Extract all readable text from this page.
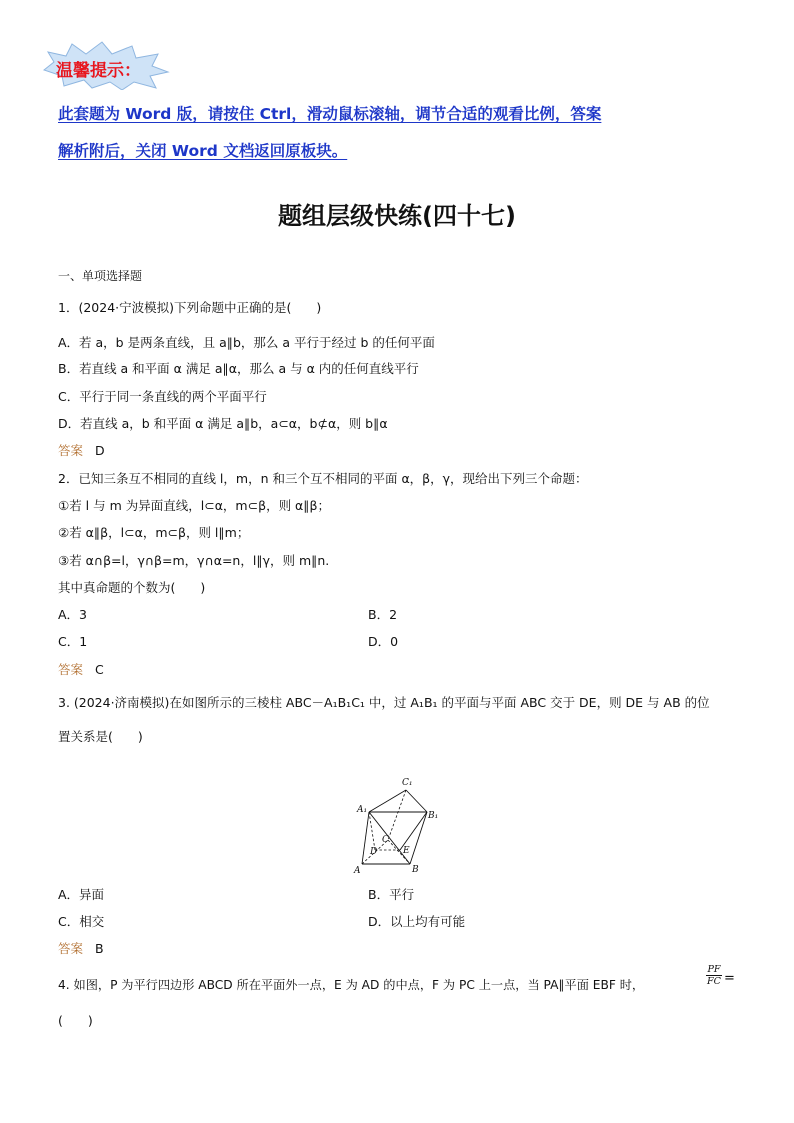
温馨提示：
此套题为 Word 版，请按住 Ctrl，滑动鼠标滚轴，调节合适的观看比例，答案
解析附后，关闭 Word 文档返回原板块。
题组层级快练(四十七)
一、单项选择题
1．(2024·宁波模拟)下列命题中正确的是(　　)
A．若 a，b 是两条直线，且 a∥b，那么 a 平行于经过 b 的任何平面
B．若直线 a 和平面 α 满足 a∥α，那么 a 与 α 内的任何直线平行
C．平行于同一条直线的两个平面平行
D．若直线 a，b 和平面 α 满足 a∥b，a⊂α，b⊄α，则 b∥α
答案 D
2．已知三条互不相同的直线 l，m，n 和三个互不相同的平面 α，β，γ，现给出下列三个命题：
①若 l 与 m 为异面直线，l⊂α，m⊂β，则 α∥β；
②若 α∥β，l⊂α，m⊂β，则 l∥m；
③若 α∩β=l，γ∩β=m，γ∩α=n，l∥γ，则 m∥n.
其中真命题的个数为(　　)
A．3	B．2
C．1	D．0
答案 C
3. (2024·济南模拟)在如图所示的三棱柱 ABC－A₁B₁C₁ 中，过 A₁B₁ 的平面与平面 ABC 交于 DE，则 DE 与 AB 的位
置关系是(　　)
C₁
A₁
B₁
C
D	E
A	B
A．异面	B．平行
C．相交	D．以上均有可能
答案 B
4. 如图，P 为平行四边形 ABCD 所在平面外一点，E 为 AD 的中点，F 为 PC 上一点，当 PA∥平面 EBF 时，	$\frac{PF}{FC}$ =
(　　)
